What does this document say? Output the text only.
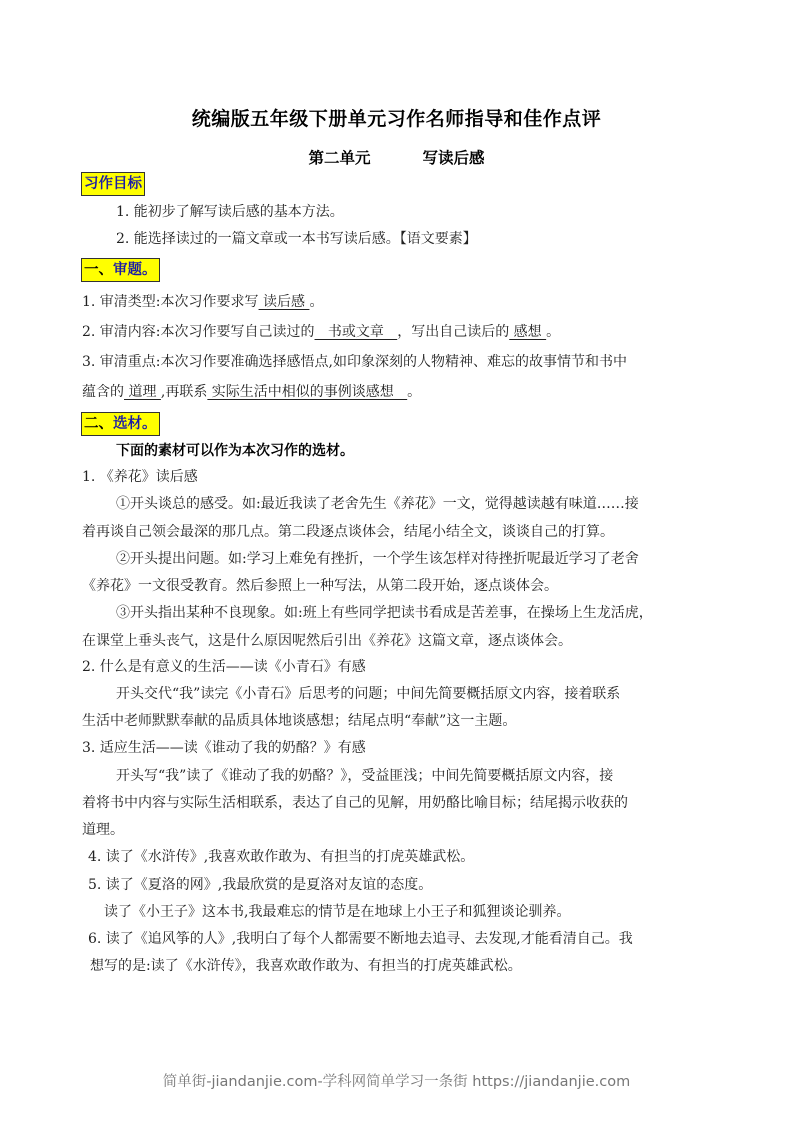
统编版五年级下册单元习作名师指导和佳作点评
第二单元	写读后感
习作目标
1. 能初步了解写读后感的基本方法。
2. 能选择读过的一篇文章或一本书写读后感。【语文要素】
一、审题。
1. 审清类型:本次习作要求写 读后感 。
2. 审清内容:本次习作要写自己读过的   书或文章   ，写出自己读后的 感想 。
3. 审清重点:本次习作要准确选择感悟点,如印象深刻的人物精神、难忘的故事情节和书中
蕴含的 道理 ,再联系 实际生活中相似的事例谈感想   。
二、选材。
下面的素材可以作为本次习作的选材。
1. 《养花》读后感
①开头谈总的感受。如:最近我读了老舍先生《养花》一文，觉得越读越有味道……接
着再谈自己领会最深的那几点。第二段逐点谈体会，结尾小结全文，谈谈自己的打算。
②开头提出问题。如:学习上难免有挫折，一个学生该怎样对待挫折呢最近学习了老舍
《养花》一文很受教育。然后参照上一种写法，从第二段开始，逐点谈体会。
③开头指出某种不良现象。如:班上有些同学把读书看成是苦差事，在操场上生龙活虎，
在课堂上垂头丧气，这是什么原因呢然后引出《养花》这篇文章，逐点谈体会。
2. 什么是有意义的生活——读《小青石》有感
开头交代“我”读完《小青石》后思考的问题；中间先简要概括原文内容，接着联系
生活中老师默默奉献的品质具体地谈感想；结尾点明“奉献”这一主题。
3. 适应生活——读《谁动了我的奶酪？》有感
开头写“我”读了《谁动了我的奶酪？》，受益匪浅；中间先简要概括原文内容，接
着将书中内容与实际生活相联系，表达了自己的见解，用奶酪比喻目标；结尾揭示收获的
道理。
4. 读了《水浒传》,我喜欢敢作敢为、有担当的打虎英雄武松。
5. 读了《夏洛的网》,我最欣赏的是夏洛对友谊的态度。
读了《小王子》这本书,我最难忘的情节是在地球上小王子和狐狸谈论驯养。
6. 读了《追风筝的人》,我明白了每个人都需要不断地去追寻、去发现,才能看清自己。我
想写的是:读了《水浒传》，我喜欢敢作敢为、有担当的打虎英雄武松。
简单街-jiandanjie.com-学科网简单学习一条街 https://jiandanjie.com
